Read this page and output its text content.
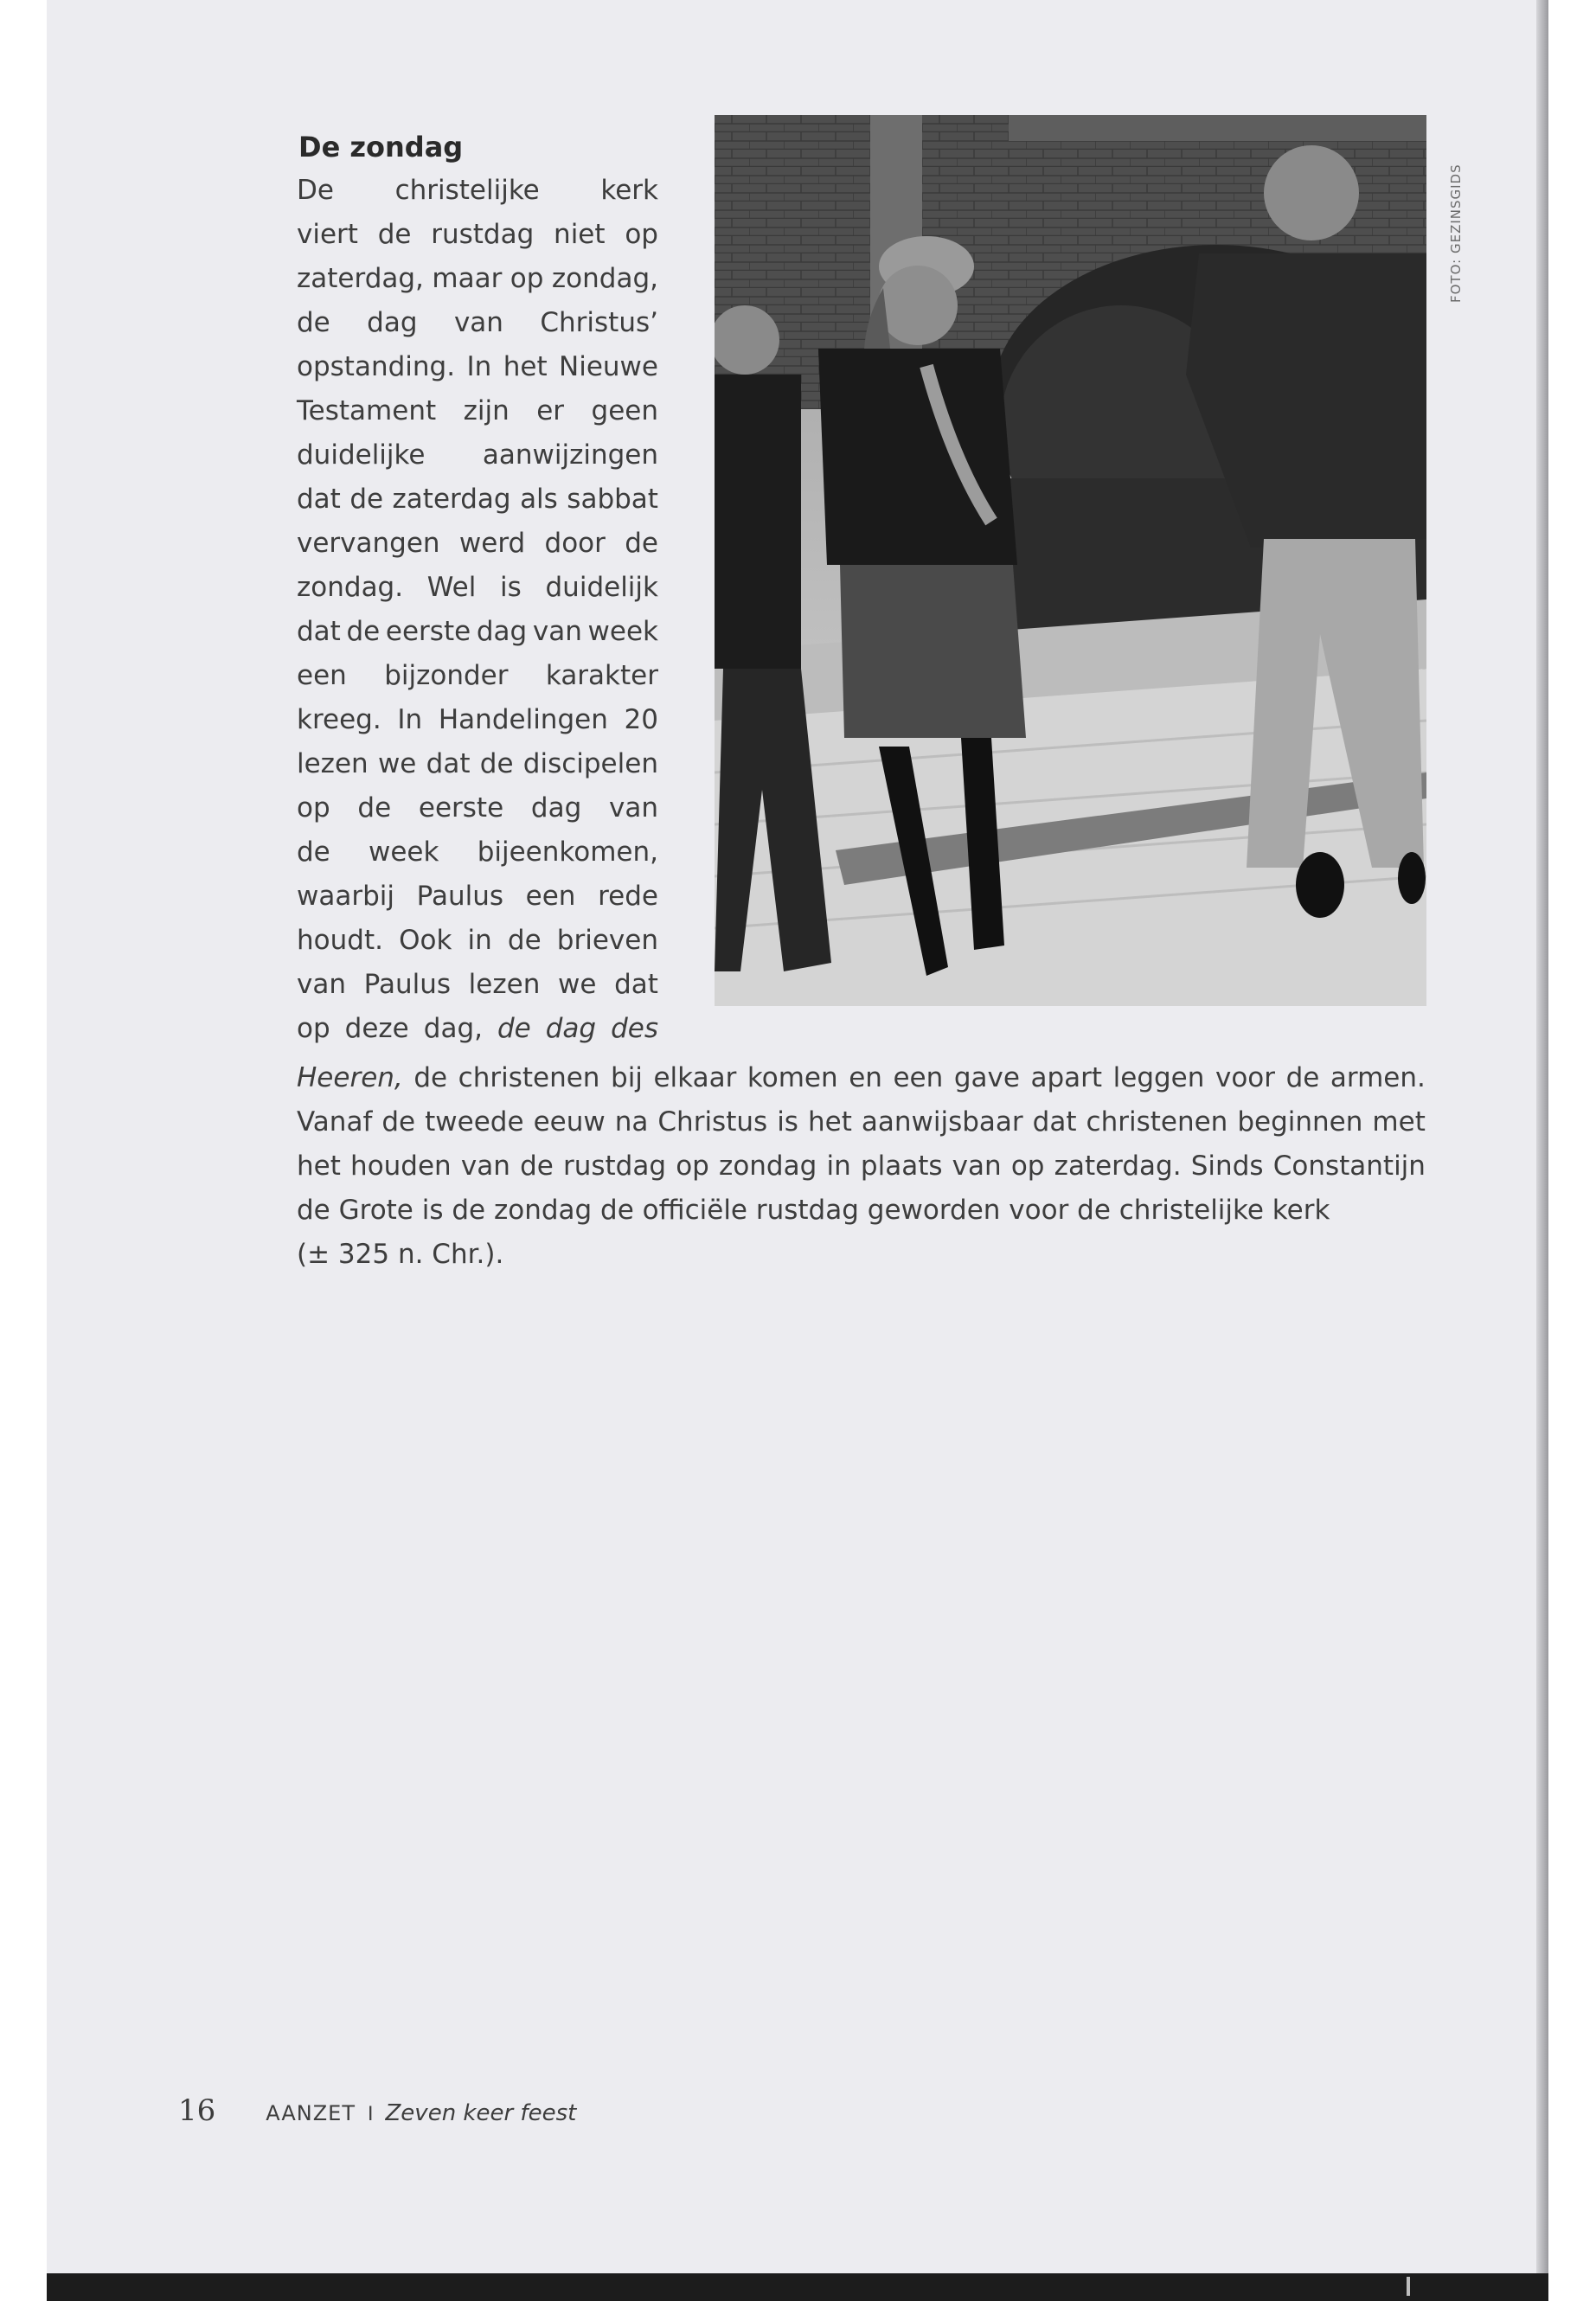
De zondag
De christelijke kerk
viert de rustdag niet op
zaterdag, maar op zondag,
de dag van Christus’
opstanding. In het Nieuwe
Testament zijn er geen
duidelijke aanwijzingen
dat de zaterdag als sabbat
vervangen werd door de
zondag. Wel is duidelijk
dat de eerste dag van week
een bijzonder karakter
kreeg. In Handelingen 20
lezen we dat de discipelen
op de eerste dag van
de week bijeenkomen,
waarbij Paulus een rede
houdt. Ook in de brieven
van Paulus lezen we dat
op deze dag, de dag des
Heeren, de christenen bij elkaar komen en een gave apart leggen voor de armen.
Vanaf de tweede eeuw na Christus is het aanwijsbaar dat christenen beginnen met
het houden van de rustdag op zondag in plaats van op zaterdag. Sinds Constantijn
de Grote is de zondag de officiële rustdag geworden voor de christelijke kerk
(± 325 n. Chr.).
FOTO: GEZINSGIDS
16 AANZET I Zeven keer feest
